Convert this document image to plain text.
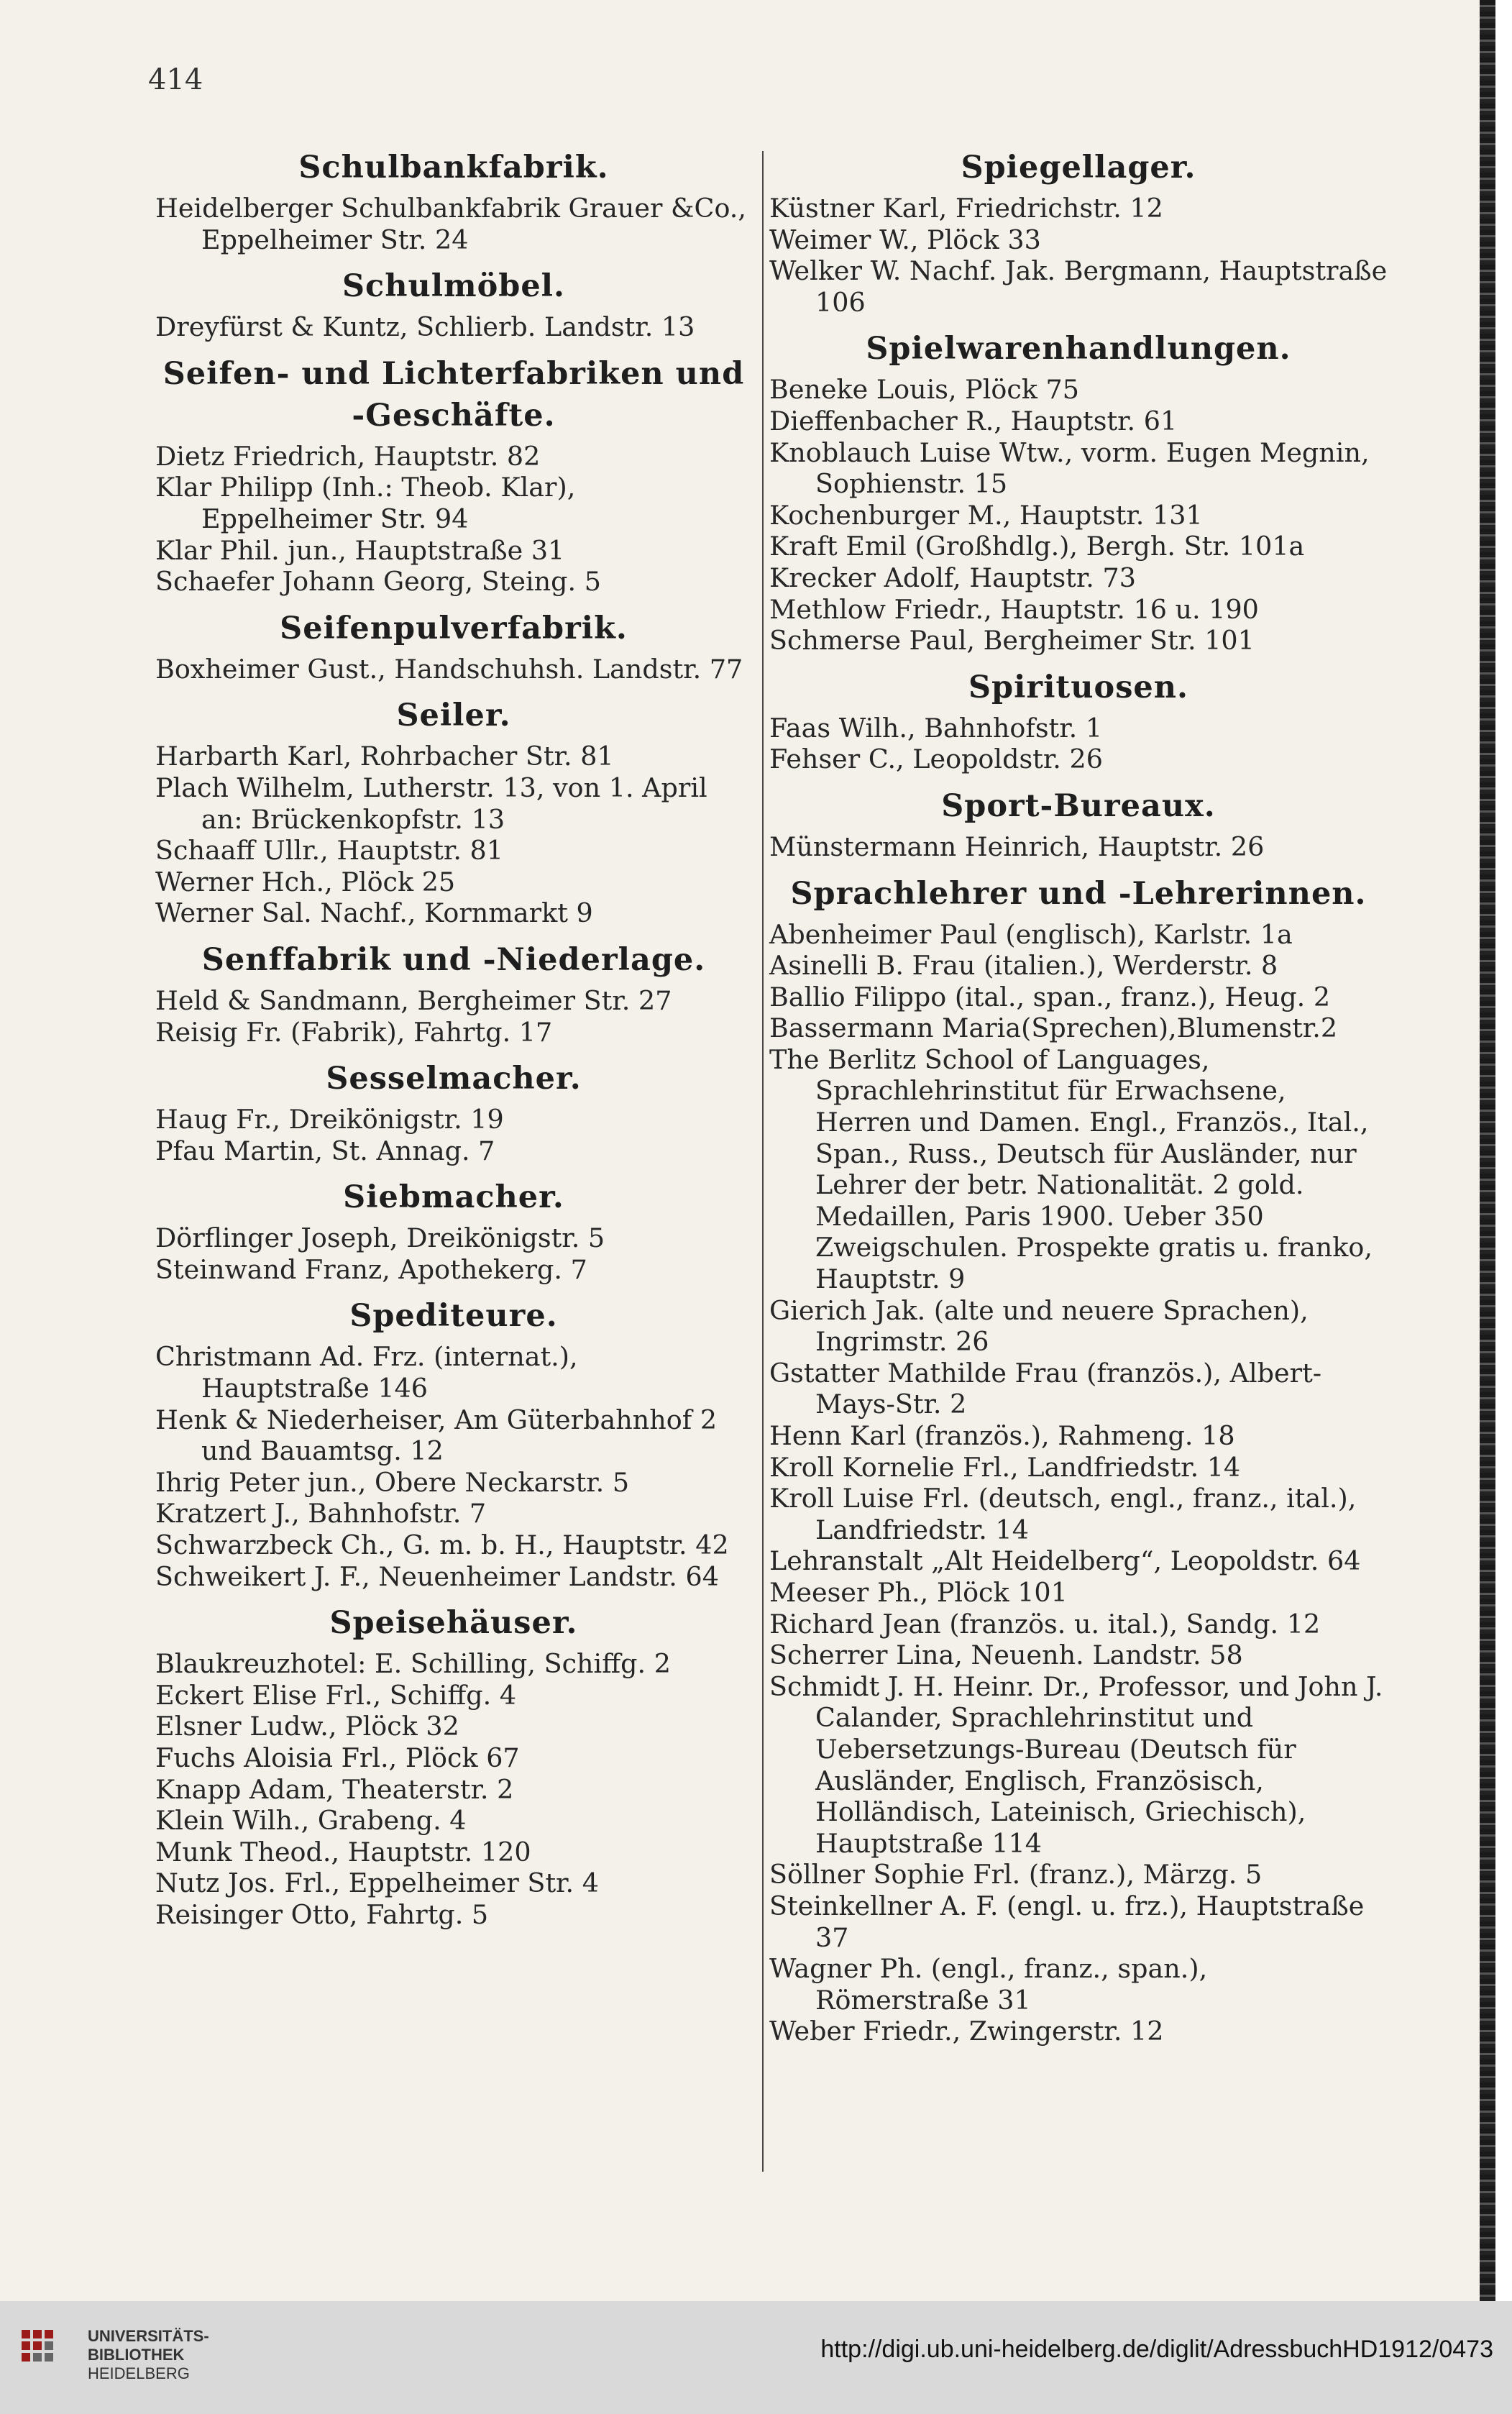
414
Schulbankfabrik.
Heidelberger Schulbankfabrik Grauer &Co., Eppelheimer Str. 24
Schulmöbel.
Dreyfürst & Kuntz, Schlierb. Landstr. 13
Seifen- und Lichterfabriken und -Geschäfte.
Dietz Friedrich, Hauptstr. 82
Klar Philipp (Inh.: Theob. Klar), Eppelheimer Str. 94
Klar Phil. jun., Hauptstraße 31
Schaefer Johann Georg, Steing. 5
Seifenpulverfabrik.
Boxheimer Gust., Handschuhsh. Landstr. 77
Seiler.
Harbarth Karl, Rohrbacher Str. 81
Plach Wilhelm, Lutherstr. 13, von 1. April an: Brückenkopfstr. 13
Schaaff Ullr., Hauptstr. 81
Werner Hch., Plöck 25
Werner Sal. Nachf., Kornmarkt 9
Senffabrik und -Niederlage.
Held & Sandmann, Bergheimer Str. 27
Reisig Fr. (Fabrik), Fahrtg. 17
Sesselmacher.
Haug Fr., Dreikönigstr. 19
Pfau Martin, St. Annag. 7
Siebmacher.
Dörflinger Joseph, Dreikönigstr. 5
Steinwand Franz, Apothekerg. 7
Spediteure.
Christmann Ad. Frz. (internat.), Hauptstraße 146
Henk & Niederheiser, Am Güterbahnhof 2 und Bauamtsg. 12
Ihrig Peter jun., Obere Neckarstr. 5
Kratzert J., Bahnhofstr. 7
Schwarzbeck Ch., G. m. b. H., Hauptstr. 42
Schweikert J. F., Neuenheimer Landstr. 64
Speisehäuser.
Blaukreuzhotel: E. Schilling, Schiffg. 2
Eckert Elise Frl., Schiffg. 4
Elsner Ludw., Plöck 32
Fuchs Aloisia Frl., Plöck 67
Knapp Adam, Theaterstr. 2
Klein Wilh., Grabeng. 4
Munk Theod., Hauptstr. 120
Nutz Jos. Frl., Eppelheimer Str. 4
Reisinger Otto, Fahrtg. 5
Spiegellager.
Küstner Karl, Friedrichstr. 12
Weimer W., Plöck 33
Welker W. Nachf. Jak. Bergmann, Hauptstraße 106
Spielwarenhandlungen.
Beneke Louis, Plöck 75
Dieffenbacher R., Hauptstr. 61
Knoblauch Luise Wtw., vorm. Eugen Megnin, Sophienstr. 15
Kochenburger M., Hauptstr. 131
Kraft Emil (Großhdlg.), Bergh. Str. 101a
Krecker Adolf, Hauptstr. 73
Methlow Friedr., Hauptstr. 16 u. 190
Schmerse Paul, Bergheimer Str. 101
Spirituosen.
Faas Wilh., Bahnhofstr. 1
Fehser C., Leopoldstr. 26
Sport-Bureaux.
Münstermann Heinrich, Hauptstr. 26
Sprachlehrer und -Lehrerinnen.
Abenheimer Paul (englisch), Karlstr. 1a
Asinelli B. Frau (italien.), Werderstr. 8
Ballio Filippo (ital., span., franz.), Heug. 2
Bassermann Maria(Sprechen),Blumenstr.2
The Berlitz School of Languages, Sprachlehrinstitut für Erwachsene, Herren und Damen. Engl., Französ., Ital., Span., Russ., Deutsch für Ausländer, nur Lehrer der betr. Nationalität. 2 gold. Medaillen, Paris 1900. Ueber 350 Zweigschulen. Prospekte gratis u. franko, Hauptstr. 9
Gierich Jak. (alte und neuere Sprachen), Ingrimstr. 26
Gstatter Mathilde Frau (französ.), Albert-Mays-Str. 2
Henn Karl (französ.), Rahmeng. 18
Kroll Kornelie Frl., Landfriedstr. 14
Kroll Luise Frl. (deutsch, engl., franz., ital.), Landfriedstr. 14
Lehranstalt „Alt Heidelberg“, Leopoldstr. 64
Meeser Ph., Plöck 101
Richard Jean (französ. u. ital.), Sandg. 12
Scherrer Lina, Neuenh. Landstr. 58
Schmidt J. H. Heinr. Dr., Professor, und John J. Calander, Sprachlehrinstitut und Uebersetzungs-Bureau (Deutsch für Ausländer, Englisch, Französisch, Holländisch, Lateinisch, Griechisch), Hauptstraße 114
Söllner Sophie Frl. (franz.), Märzg. 5
Steinkellner A. F. (engl. u. frz.), Hauptstraße 37
Wagner Ph. (engl., franz., span.), Römerstraße 31
Weber Friedr., Zwingerstr. 12
UNIVERSITÄTS-
BIBLIOTHEK
HEIDELBERG
http://digi.ub.uni-heidelberg.de/diglit/AdressbuchHD1912/0473
